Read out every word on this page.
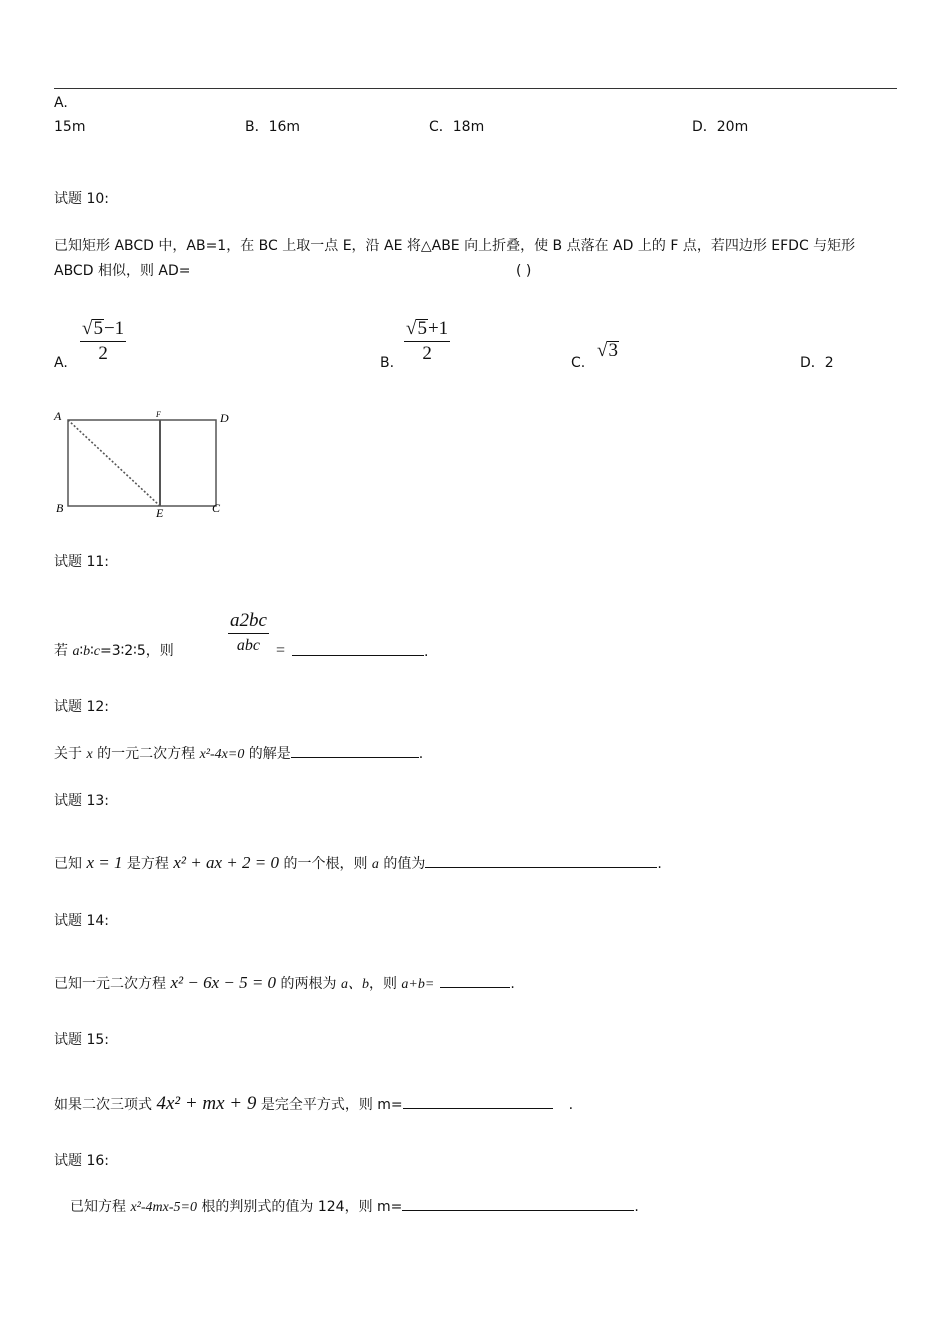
A.
15m	B．16m	C．18m	D．20m
试题 10:
已知矩形 ABCD 中，AB=1，在 BC 上取一点 E，沿 AE 将△ABE 向上折叠，使 B 点落在 AD 上的 F 点，若四边形 EFDC 与矩形
ABCD 相似，则 AD=	( )
A.
√5−1
2	B.
√5+1
2	C.
√3
D．2
A	F	D
B	E	C
试题 11:
若 a∶b∶c=3∶2∶5，则
a2bc
abc =	.
试题 12:
关于 x 的一元二次方程 x²-4x=0 的解是	.
试题 13:
已知 x = 1 是方程 x² + ax + 2 = 0 的一个根，则 a 的值为	.
试题 14:
已知一元二次方程 x² − 6x − 5 = 0 的两根为 a、b，则 a+b=	.
试题 15:
如果二次三项式 4x² + mx + 9 是完全平方式，则 m=	.
试题 16:
已知方程 x²-4mx-5=0 根的判别式的值为 124，则 m=	.
